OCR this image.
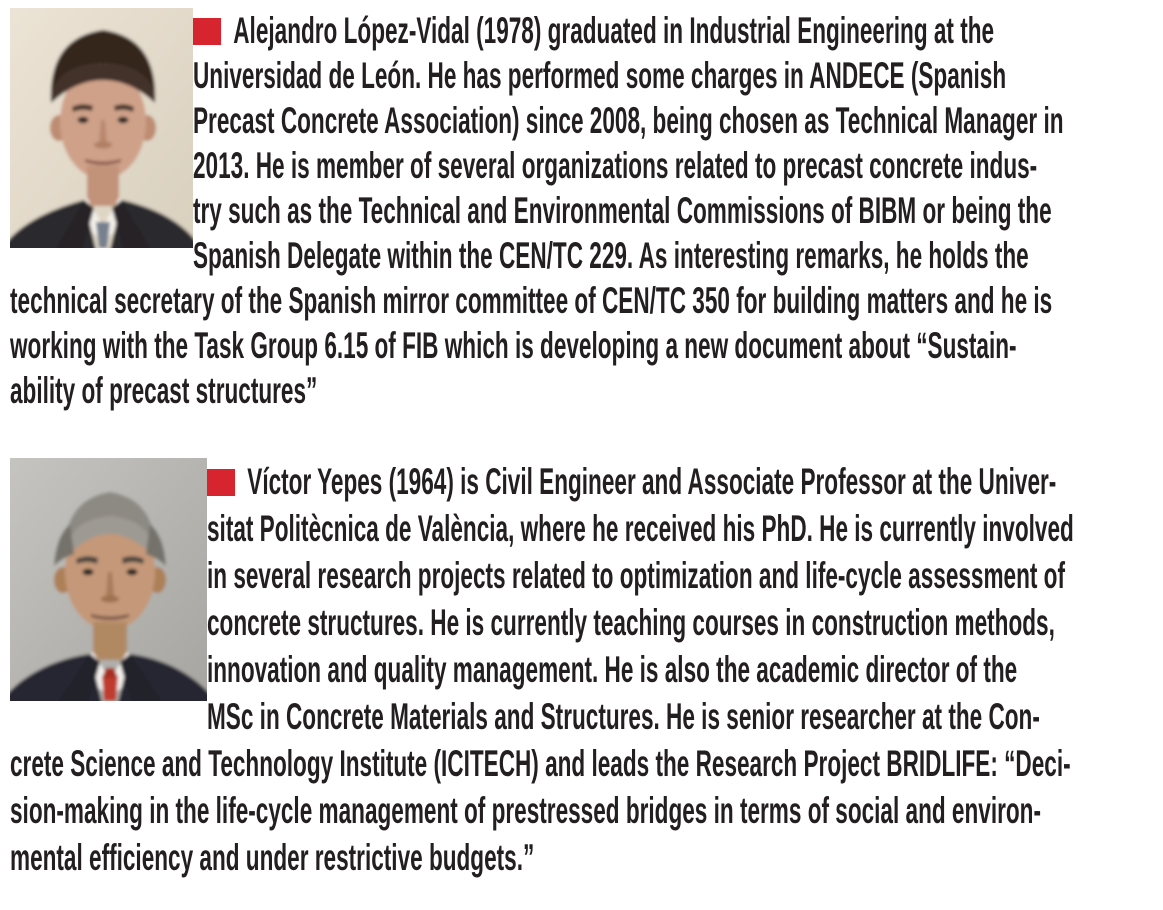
Alejandro López-Vidal (1978) graduated in Industrial Engineering at the
Universidad de León. He has performed some charges in ANDECE (Spanish
Precast Concrete Association) since 2008, being chosen as Technical Manager in
2013. He is member of several organizations related to precast concrete indus-
try such as the Technical and Environmental Commissions of BIBM or being the
Spanish Delegate within the CEN/TC 229. As interesting remarks, he holds the
technical secretary of the Spanish mirror committee of CEN/TC 350 for building matters and he is
working with the Task Group 6.15 of FIB which is developing a new document about “Sustain-
ability of precast structures”
Víctor Yepes (1964) is Civil Engineer and Associate Professor at the Univer-
sitat Politècnica de València, where he received his PhD. He is currently involved
in several research projects related to optimization and life-cycle assessment of
concrete structures. He is currently teaching courses in construction methods,
innovation and quality management. He is also the academic director of the
MSc in Concrete Materials and Structures. He is senior researcher at the Con-
crete Science and Technology Institute (ICITECH) and leads the Research Project BRIDLIFE: “Deci-
sion-making in the life-cycle management of prestressed bridges in terms of social and environ-
mental efficiency and under restrictive budgets.”
